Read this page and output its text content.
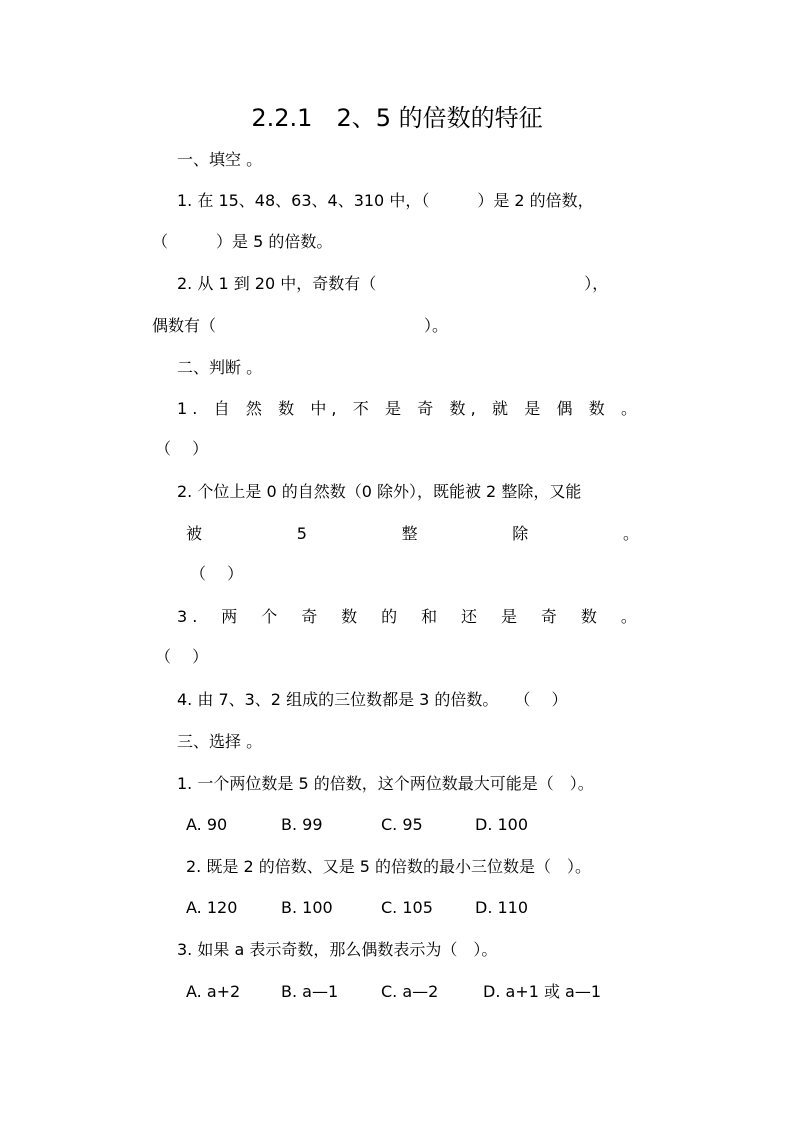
2.2.1　2、5 的倍数的特征
一、填空 。
1. 在 15、48、63、4、310 中，（　　　）是 2 的倍数，
（　　　）是 5 的倍数。
2. 从 1 到 20 中，奇数有（　　　　　　　　　　　　　），
偶数有（　　　　　　　　　　　　　）。
二、判断 。
1 . 自 然 数 中 , 不 是 奇 数 , 就 是 偶 数 。
（　 ）
2. 个位上是 0 的自然数（0 除外），既能被 2 整除，又能
被	5	整	除	。
（　 ）
3 . 两 个 奇 数 的 和 还 是 奇 数 。
（　 ）
4. 由 7、3、2 组成的三位数都是 3 的倍数。　　（　 ）
三、选择 。
1. 一个两位数是 5 的倍数，这个两位数最大可能是（　）。
A. 90	B. 99	C. 95	D. 100
2. 既是 2 的倍数、又是 5 的倍数的最小三位数是（　）。
A. 120	B. 100	C. 105	D. 110
3. 如果 a 表示奇数，那么偶数表示为（　）。
A. a+2	B. a—1	C. a—2	D. a+1 或 a—1
